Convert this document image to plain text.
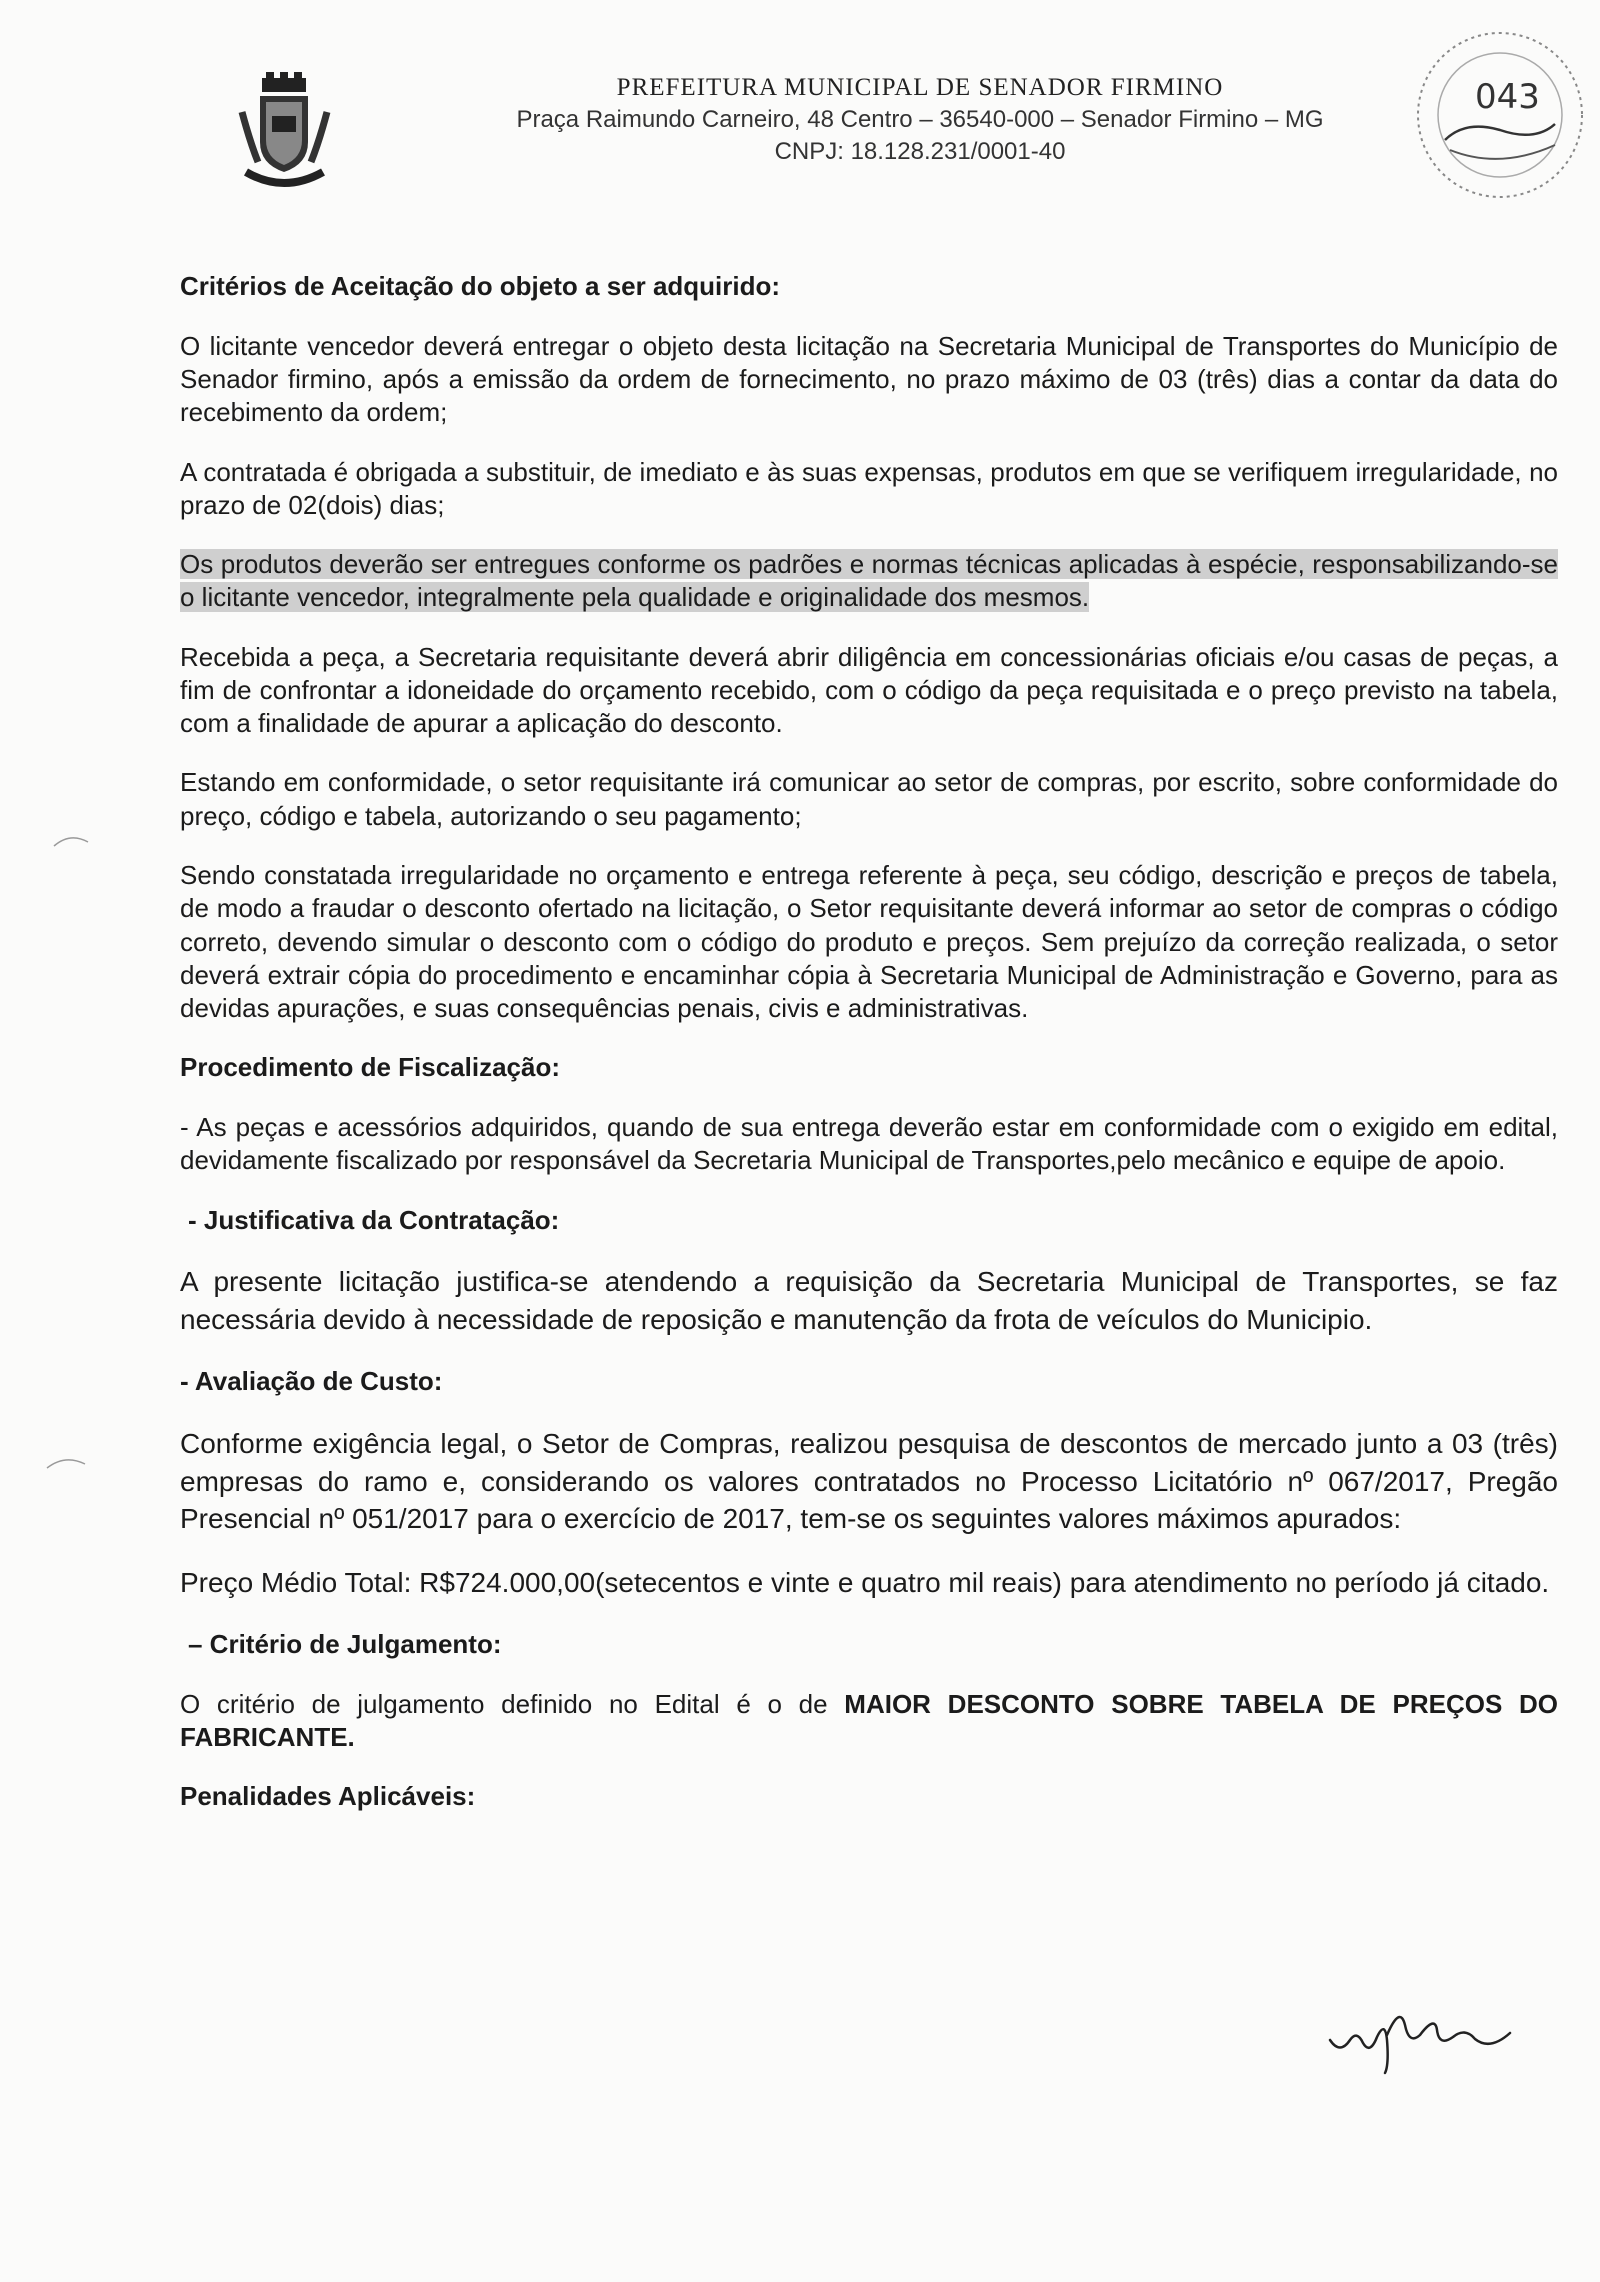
PREFEITURA MUNICIPAL DE SENADOR FIRMINO
Praça Raimundo Carneiro, 48 Centro – 36540-000 – Senador Firmino – MG
CNPJ: 18.128.231/0001-40
043
Critérios de Aceitação do objeto a ser adquirido:

O licitante vencedor deverá entregar o objeto desta licitação na Secretaria Municipal de Transportes do Município de Senador firmino, após a emissão da ordem de fornecimento, no prazo máximo de 03 (três) dias a contar da data do recebimento da ordem;

A contratada é obrigada a substituir, de imediato e às suas expensas, produtos em que se verifiquem irregularidade, no prazo de 02(dois) dias;

Os produtos deverão ser entregues conforme os padrões e normas técnicas aplicadas à espécie, responsabilizando-se o licitante vencedor, integralmente pela qualidade e originalidade dos mesmos.

Recebida a peça, a Secretaria requisitante deverá abrir diligência em concessionárias oficiais e/ou casas de peças, a fim de confrontar a idoneidade do orçamento recebido, com o código da peça requisitada e o preço previsto na tabela, com a finalidade de apurar a aplicação do desconto.

Estando em conformidade, o setor requisitante irá comunicar ao setor de compras, por escrito, sobre conformidade do preço, código e tabela, autorizando o seu pagamento;

Sendo constatada irregularidade no orçamento e entrega referente à peça, seu código, descrição e preços de tabela, de modo a fraudar o desconto ofertado na licitação, o Setor requisitante deverá informar ao setor de compras o código correto, devendo simular o desconto com o código do produto e preços. Sem prejuízo da correção realizada, o setor deverá extrair cópia do procedimento e encaminhar cópia à Secretaria Municipal de Administração e Governo, para as devidas apurações, e suas consequências penais, civis e administrativas.

Procedimento de Fiscalização:

- As peças e acessórios adquiridos, quando de sua entrega deverão estar em conformidade com o exigido em edital, devidamente fiscalizado por responsável da Secretaria Municipal de Transportes,pelo mecânico e equipe de apoio.

- Justificativa da Contratação:

A presente licitação justifica-se atendendo a requisição da Secretaria Municipal de Transportes, se faz necessária devido à necessidade de reposição e manutenção da frota de veículos do Municipio.

- Avaliação de Custo:

Conforme exigência legal, o Setor de Compras, realizou pesquisa de descontos de mercado junto a 03 (três) empresas do ramo e, considerando os valores contratados no Processo Licitatório nº 067/2017, Pregão Presencial nº 051/2017 para o exercício de 2017, tem-se os seguintes valores máximos apurados:

Preço Médio Total: R$724.000,00(setecentos e vinte e quatro mil reais) para atendimento no período já citado.

– Critério de Julgamento:

O critério de julgamento definido no Edital é o de MAIOR DESCONTO SOBRE TABELA DE PREÇOS DO FABRICANTE.

Penalidades Aplicáveis:
